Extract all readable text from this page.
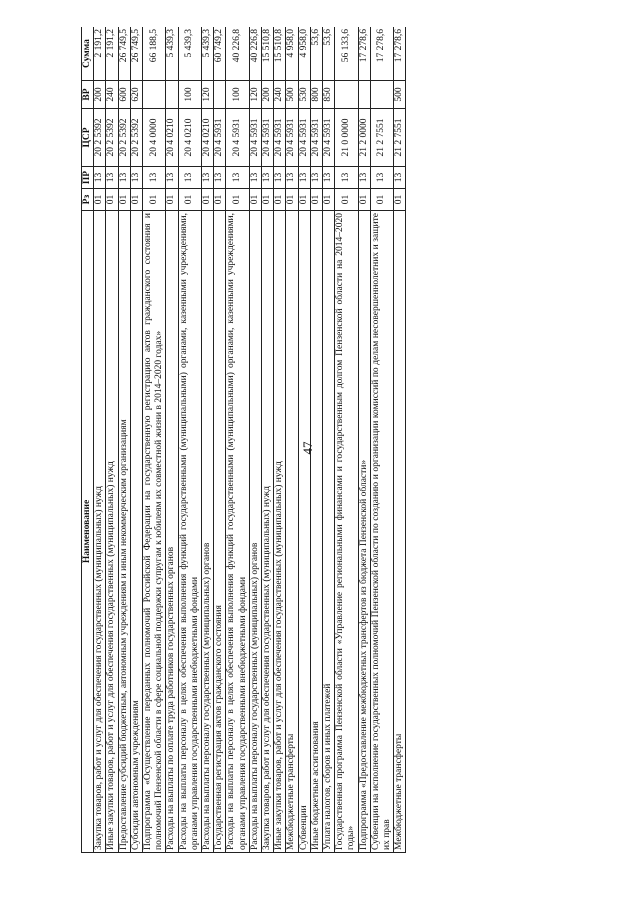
47
Наименование	Рз	ПР	ЦСР	ВР	Сумма
Закупка товаров, работ и услуг для обеспечения государственных (муниципальных) нужд	01	13	20 2 5392	200	2 191,2
Иные закупки товаров, работ и услуг для обеспечения государственных (муниципальных) нужд	01	13	20 2 5392	240	2 191,2
Предоставление субсидий бюджетным, автономным учреждениям и иным некоммерческим организациям	01	13	20 2 5392	600	26 749,5
Субсидии автономным учреждениям	01	13	20 2 5392	620	26 749,5
Подпрограмма «Осуществление переданных полномочий Российской Федерации на государственную регистрацию актов гражданского состояния и полномочий Пензенской области в сфере социальной поддержки супругам к юбилеям их совместной жизни в 2014–2020 годах»	01	13	20 4 0000		66 188,5
Расходы на выплаты по оплате труда работников государственных органов	01	13	20 4 0210		5 439,3
Расходы на выплаты персоналу в целях обеспечения выполнения функций государственными (муниципальными) органами, казенными учреждениями, органами управления государственными внебюджетными фондами	01	13	20 4 0210	100	5 439,3
Расходы на выплаты персоналу государственных (муниципальных) органов	01	13	20 4 0210	120	5 439,3
Государственная регистрация актов гражданского состояния	01	13	20 4 5931		60 749,2
Расходы на выплаты персоналу в целях обеспечения выполнения функций государственными (муниципальными) органами, казенными учреждениями, органами управления государственными внебюджетными фондами	01	13	20 4 5931	100	40 226,8
Расходы на выплаты персоналу государственных (муниципальных) органов	01	13	20 4 5931	120	40 226,8
Закупка товаров, работ и услуг для обеспечения государственных (муниципальных) нужд	01	13	20 4 5931	200	15 510,8
Иные закупки товаров, работ и услуг для обеспечения государственных (муниципальных) нужд	01	13	20 4 5931	240	15 510,8
Межбюджетные трансферты	01	13	20 4 5931	500	4 958,0
Субвенции	01	13	20 4 5931	530	4 958,0
Иные бюджетные ассигнования	01	13	20 4 5931	800	53,6
Уплата налогов, сборов и иных платежей	01	13	20 4 5931	850	53,6
Государственная программа Пензенской области «Управление региональными финансами и государственным долгом Пензенской области на 2014–2020 годы»	01	13	21 0 0000		56 133,6
Подпрограмма «Предоставление межбюджетных трансфертов из бюджета Пензенской области»	01	13	21 2 0000		17 278,6
Субвенции на исполнение государственных полномочий Пензенской области по созданию и организации комиссий по делам несовершеннолетних и защите их прав	01	13	21 2 7551		17 278,6
Межбюджетные трансферты	01	13	21 2 7551	500	17 278,6
